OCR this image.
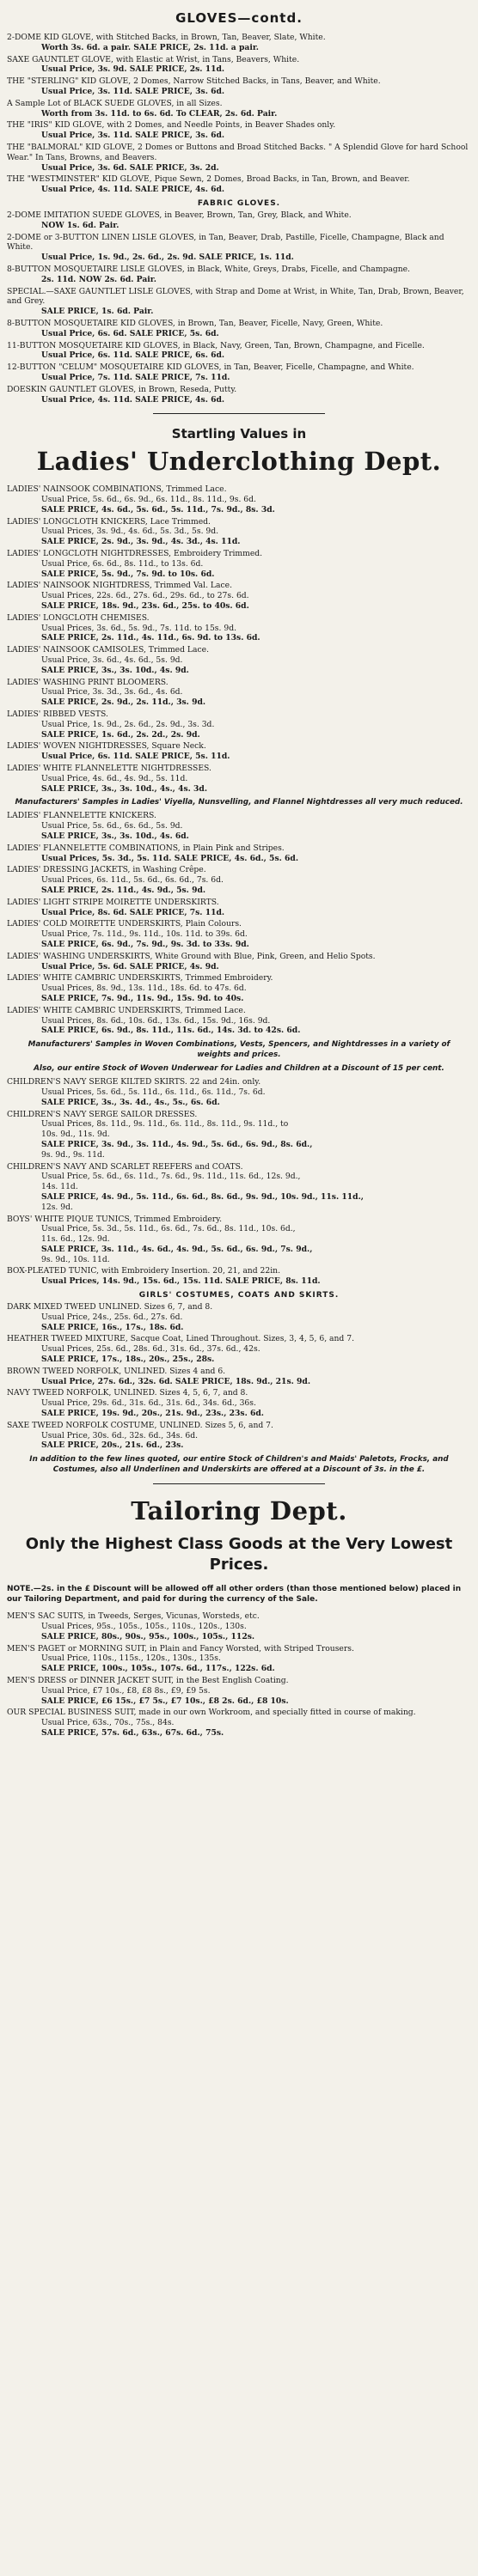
GLOVES—contd.
2-DOME KID GLOVE, with Stitched Backs, in Brown, Tan, Beaver, Slate, White.
Worth 3s. 6d. a pair. SALE PRICE, 2s. 11d. a pair.
SAXE GAUNTLET GLOVE, with Elastic at Wrist, in Tans, Beavers, White.
Usual Price, 3s. 9d. SALE PRICE, 2s. 11d.
THE "STERLING" KID GLOVE, 2 Domes, Narrow Stitched Backs, in Tans, Beaver, and White.
Usual Price, 3s. 11d. SALE PRICE, 3s. 6d.
A Sample Lot of BLACK SUEDE GLOVES, in all Sizes.
Worth from 3s. 11d. to 6s. 6d. To CLEAR, 2s. 6d. Pair.
THE "IRIS" KID GLOVE, with 2 Domes, and Needle Points, in Beaver Shades only.
Usual Price, 3s. 11d. SALE PRICE, 3s. 6d.
THE "BALMORAL" KID GLOVE, 2 Domes or Buttons and Broad Stitched Backs. " A Splendid Glove for hard School Wear." In Tans, Browns, and Beavers.
Usual Price, 3s. 6d. SALE PRICE, 3s. 2d.
THE "WESTMINSTER" KID GLOVE, Pique Sewn, 2 Domes, Broad Backs, in Tan, Brown, and Beaver.
Usual Price, 4s. 11d. SALE PRICE, 4s. 6d.
FABRIC GLOVES.
2-DOME IMITATION SUEDE GLOVES, in Beaver, Brown, Tan, Grey, Black, and White.
NOW 1s. 6d. Pair.
2-DOME or 3-BUTTON LINEN LISLE GLOVES, in Tan, Beaver, Drab, Pastille, Ficelle, Champagne, Black and White.
Usual Price, 1s. 9d., 2s. 6d., 2s. 9d. SALE PRICE, 1s. 11d.
8-BUTTON MOSQUETAIRE LISLE GLOVES, in Black, White, Greys, Drabs, Ficelle, and Champagne.
2s. 11d. NOW 2s. 6d. Pair.
SPECIAL.—SAXE GAUNTLET LISLE GLOVES, with Strap and Dome at Wrist, in White, Tan, Drab, Brown, Beaver, and Grey.
SALE PRICE, 1s. 6d. Pair.
8-BUTTON MOSQUETAIRE KID GLOVES, in Brown, Tan, Beaver, Ficelle, Navy, Green, White.
Usual Price, 6s. 6d. SALE PRICE, 5s. 6d.
11-BUTTON MOSQUETAIRE KID GLOVES, in Black, Navy, Green, Tan, Brown, Champagne, and Ficelle.
Usual Price, 6s. 11d. SALE PRICE, 6s. 6d.
12-BUTTON "CELUM" MOSQUETAIRE KID GLOVES, in Tan, Beaver, Ficelle, Champagne, and White.
Usual Price, 7s. 11d. SALE PRICE, 7s. 11d.
DOESKIN GAUNTLET GLOVES, in Brown, Reseda, Putty.
Usual Price, 4s. 11d. SALE PRICE, 4s. 6d.
Startling Values in
Ladies' Underclothing Dept.
LADIES' NAINSOOK COMBINATIONS, Trimmed Lace.
Usual Price, 5s. 6d., 6s. 9d., 6s. 11d., 8s. 11d., 9s. 6d.
SALE PRICE, 4s. 6d., 5s. 6d., 5s. 11d., 7s. 9d., 8s. 3d.
LADIES' LONGCLOTH KNICKERS, Lace Trimmed.
Usual Prices, 3s. 9d., 4s. 6d., 5s. 3d., 5s. 9d.
SALE PRICE, 2s. 9d., 3s. 9d., 4s. 3d., 4s. 11d.
LADIES' LONGCLOTH NIGHTDRESSES, Embroidery Trimmed.
Usual Price, 6s. 6d., 8s. 11d., to 13s. 6d.
SALE PRICE, 5s. 9d., 7s. 9d. to 10s. 6d.
LADIES' NAINSOOK NIGHTDRESS, Trimmed Val. Lace.
Usual Prices, 22s. 6d., 27s. 6d., 29s. 6d., to 27s. 6d.
SALE PRICE, 18s. 9d., 23s. 6d., 25s. to 40s. 6d.
LADIES' LONGCLOTH CHEMISES.
Usual Prices, 3s. 6d., 5s. 9d., 7s. 11d. to 15s. 9d.
SALE PRICE, 2s. 11d., 4s. 11d., 6s. 9d. to 13s. 6d.
LADIES' NAINSOOK CAMISOLES, Trimmed Lace.
Usual Price, 3s. 6d., 4s. 6d., 5s. 9d.
SALE PRICE, 3s., 3s. 10d., 4s. 9d.
LADIES' WASHING PRINT BLOOMERS.
Usual Price, 3s. 3d., 3s. 6d., 4s. 6d.
SALE PRICE, 2s. 9d., 2s. 11d., 3s. 9d.
LADIES' RIBBED VESTS.
Usual Price, 1s. 9d., 2s. 6d., 2s. 9d., 3s. 3d.
SALE PRICE, 1s. 6d., 2s. 2d., 2s. 9d.
LADIES' WOVEN NIGHTDRESSES, Square Neck.
Usual Price, 6s. 11d. SALE PRICE, 5s. 11d.
LADIES' WHITE FLANNELETTE NIGHTDRESSES.
Usual Price, 4s. 6d., 4s. 9d., 5s. 11d.
SALE PRICE, 3s., 3s. 10d., 4s., 4s. 3d.
Manufacturers' Samples in Ladies' Viyella, Nunsvelling, and Flannel Nightdresses all very much reduced.
LADIES' FLANNELETTE KNICKERS.
Usual Price, 5s. 6d., 6s. 6d., 5s. 9d.
SALE PRICE, 3s., 3s. 10d., 4s. 6d.
LADIES' FLANNELETTE COMBINATIONS, in Plain Pink and Stripes.
Usual Prices, 5s. 3d., 5s. 11d. SALE PRICE, 4s. 6d., 5s. 6d.
LADIES' DRESSING JACKETS, in Washing Crêpe.
Usual Prices, 6s. 11d., 5s. 6d., 6s. 6d., 7s. 6d.
SALE PRICE, 2s. 11d., 4s. 9d., 5s. 9d.
LADIES' LIGHT STRIPE MOIRETTE UNDERSKIRTS.
Usual Price, 8s. 6d. SALE PRICE, 7s. 11d.
LADIES' COLD MOIRETTE UNDERSKIRTS, Plain Colours.
Usual Price, 7s. 11d., 9s. 11d., 10s. 11d. to 39s. 6d.
SALE PRICE, 6s. 9d., 7s. 9d., 9s. 3d. to 33s. 9d.
LADIES' WASHING UNDERSKIRTS, White Ground with Blue, Pink, Green, and Helio Spots.
Usual Price, 5s. 6d. SALE PRICE, 4s. 9d.
LADIES' WHITE CAMBRIC UNDERSKIRTS, Trimmed Embroidery.
Usual Prices, 8s. 9d., 13s. 11d., 18s. 6d. to 47s. 6d.
SALE PRICE, 7s. 9d., 11s. 9d., 15s. 9d. to 40s.
LADIES' WHITE CAMBRIC UNDERSKIRTS, Trimmed Lace.
Usual Prices, 8s. 6d., 10s. 6d., 13s. 6d., 15s. 9d., 16s. 9d.
SALE PRICE, 6s. 9d., 8s. 11d., 11s. 6d., 14s. 3d. to 42s. 6d.
Manufacturers' Samples in Woven Combinations, Vests, Spencers, and Nightdresses in a variety of weights and prices.
Also, our entire Stock of Woven Underwear for Ladies and Children at a Discount of 15 per cent.
CHILDREN'S NAVY SERGE KILTED SKIRTS. 22 and 24in. only.
Usual Prices, 5s. 6d., 5s. 11d., 6s. 11d., 6s. 11d., 7s. 6d.
SALE PRICE, 3s., 3s. 4d., 4s., 5s., 6s. 6d.
CHILDREN'S NAVY SERGE SAILOR DRESSES.
Usual Prices, 8s. 11d., 9s. 11d., 6s. 11d., 8s. 11d., 9s. 11d., to
10s. 9d., 11s. 9d.
SALE PRICE, 3s. 9d., 3s. 11d., 4s. 9d., 5s. 6d., 6s. 9d., 8s. 6d.,
9s. 9d., 9s. 11d.
CHILDREN'S NAVY AND SCARLET REEFERS and COATS.
Usual Price, 5s. 6d., 6s. 11d., 7s. 6d., 9s. 11d., 11s. 6d., 12s. 9d.,
14s. 11d.
SALE PRICE, 4s. 9d., 5s. 11d., 6s. 6d., 8s. 6d., 9s. 9d., 10s. 9d., 11s. 11d.,
12s. 9d.
BOYS' WHITE PIQUE TUNICS, Trimmed Embroidery.
Usual Price, 5s. 3d., 5s. 11d., 6s. 6d., 7s. 6d., 8s. 11d., 10s. 6d.,
11s. 6d., 12s. 9d.
SALE PRICE, 3s. 11d., 4s. 6d., 4s. 9d., 5s. 6d., 6s. 9d., 7s. 9d.,
9s. 9d., 10s. 11d.
BOX-PLEATED TUNIC, with Embroidery Insertion. 20, 21, and 22in.
Usual Prices, 14s. 9d., 15s. 6d., 15s. 11d. SALE PRICE, 8s. 11d.
GIRLS' COSTUMES, COATS AND SKIRTS.
DARK MIXED TWEED UNLINED. Sizes 6, 7, and 8.
Usual Price, 24s., 25s. 6d., 27s. 6d.
SALE PRICE, 16s., 17s., 18s. 6d.
HEATHER TWEED MIXTURE, Sacque Coat, Lined Throughout. Sizes, 3, 4, 5, 6, and 7.
Usual Prices, 25s. 6d., 28s. 6d., 31s. 6d., 37s. 6d., 42s.
SALE PRICE, 17s., 18s., 20s., 25s., 28s.
BROWN TWEED NORFOLK, UNLINED. Sizes 4 and 6.
Usual Price, 27s. 6d., 32s. 6d. SALE PRICE, 18s. 9d., 21s. 9d.
NAVY TWEED NORFOLK, UNLINED. Sizes 4, 5, 6, 7, and 8.
Usual Price, 29s. 6d., 31s. 6d., 31s. 6d., 34s. 6d., 36s.
SALE PRICE, 19s. 9d., 20s., 21s. 9d., 23s., 23s. 6d.
SAXE TWEED NORFOLK COSTUME, UNLINED. Sizes 5, 6, and 7.
Usual Price, 30s. 6d., 32s. 6d., 34s. 6d.
SALE PRICE, 20s., 21s. 6d., 23s.
In addition to the few lines quoted, our entire Stock of Children's and Maids' Paletots, Frocks, and Costumes, also all Underlinen and Underskirts are offered at a Discount of 3s. in the £.
Tailoring Dept.
Only the Highest Class Goods at the Very Lowest Prices.
NOTE.—2s. in the £ Discount will be allowed off all other orders (than those mentioned below) placed in our Tailoring Department, and paid for during the currency of the Sale.
MEN'S SAC SUITS, in Tweeds, Serges, Vicunas, Worsteds, etc.
Usual Prices, 95s., 105s., 105s., 110s., 120s., 130s.
SALE PRICE, 80s., 90s., 95s., 100s., 105s., 112s.
MEN'S PAGET or MORNING SUIT, in Plain and Fancy Worsted, with Striped Trousers.
Usual Price, 110s., 115s., 120s., 130s., 135s.
SALE PRICE, 100s., 105s., 107s. 6d., 117s., 122s. 6d.
MEN'S DRESS or DINNER JACKET SUIT, in the Best English Coating.
Usual Price, £7 10s., £8, £8 8s., £9, £9 5s.
SALE PRICE, £6 15s., £7 5s., £7 10s., £8 2s. 6d., £8 10s.
OUR SPECIAL BUSINESS SUIT, made in our own Workroom, and specially fitted in course of making.
Usual Price, 63s., 70s., 75s., 84s.
SALE PRICE, 57s. 6d., 63s., 67s. 6d., 75s.
